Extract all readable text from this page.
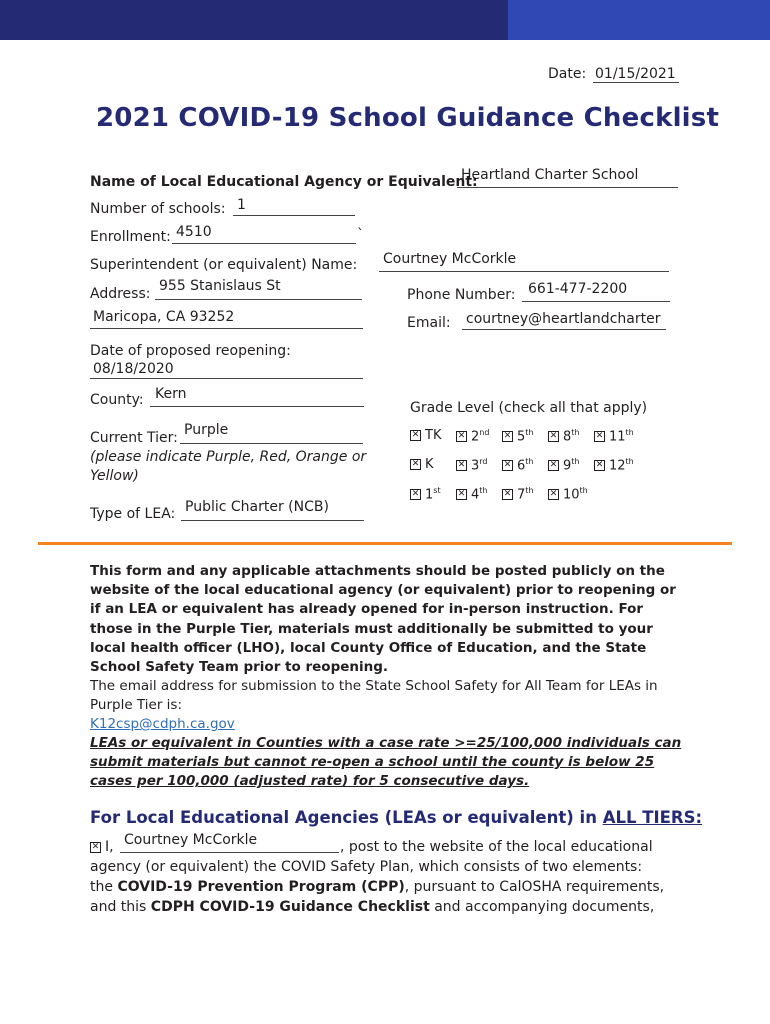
Date: 01/15/2021
2021 COVID-19 School Guidance Checklist
Name of Local Educational Agency or Equivalent:
Heartland Charter School
Number of schools: 1
Enrollment: 4510	`
Superintendent (or equivalent) Name: Courtney McCorkle
Address: 955 Stanislaus St
Maricopa, CA 93252
Phone Number: 661-477-2200
Email: courtney@heartlandcharter
Date of proposed reopening:
08/18/2020
County: Kern
Grade Level (check all that apply)
✕ TK ✕ 2nd ✕ 5th ✕ 8th ✕ 11th
✕ K	✕ 3rd ✕ 6th ✕ 9th ✕ 12th
✕ 1st ✕ 4th ✕ 7th ✕ 10th
Current Tier: Purple
(please indicate Purple, Red, Orange or
Yellow)
Type of LEA: Public Charter (NCB)
This form and any applicable attachments should be posted publicly on the website of the local educational agency (or equivalent) prior to reopening or if an LEA or equivalent has already opened for in-person instruction. For those in the Purple Tier, materials must additionally be submitted to your local health officer (LHO), local County Office of Education, and the State School Safety Team prior to reopening.
The email address for submission to the State School Safety for All Team for LEAs in Purple Tier is:
K12csp@cdph.ca.gov
LEAs or equivalent in Counties with a case rate >=25/100,000 individuals can submit materials but cannot re-open a school until the county is below 25 cases per 100,000 (adjusted rate) for 5 consecutive days.
For Local Educational Agencies (LEAs or equivalent) in ALL TIERS:
✕ I, Courtney McCorkle	, post to the website of the local educational
agency (or equivalent) the COVID Safety Plan, which consists of two elements:
the COVID-19 Prevention Program (CPP), pursuant to CalOSHA requirements,
and this CDPH COVID-19 Guidance Checklist and accompanying documents,
